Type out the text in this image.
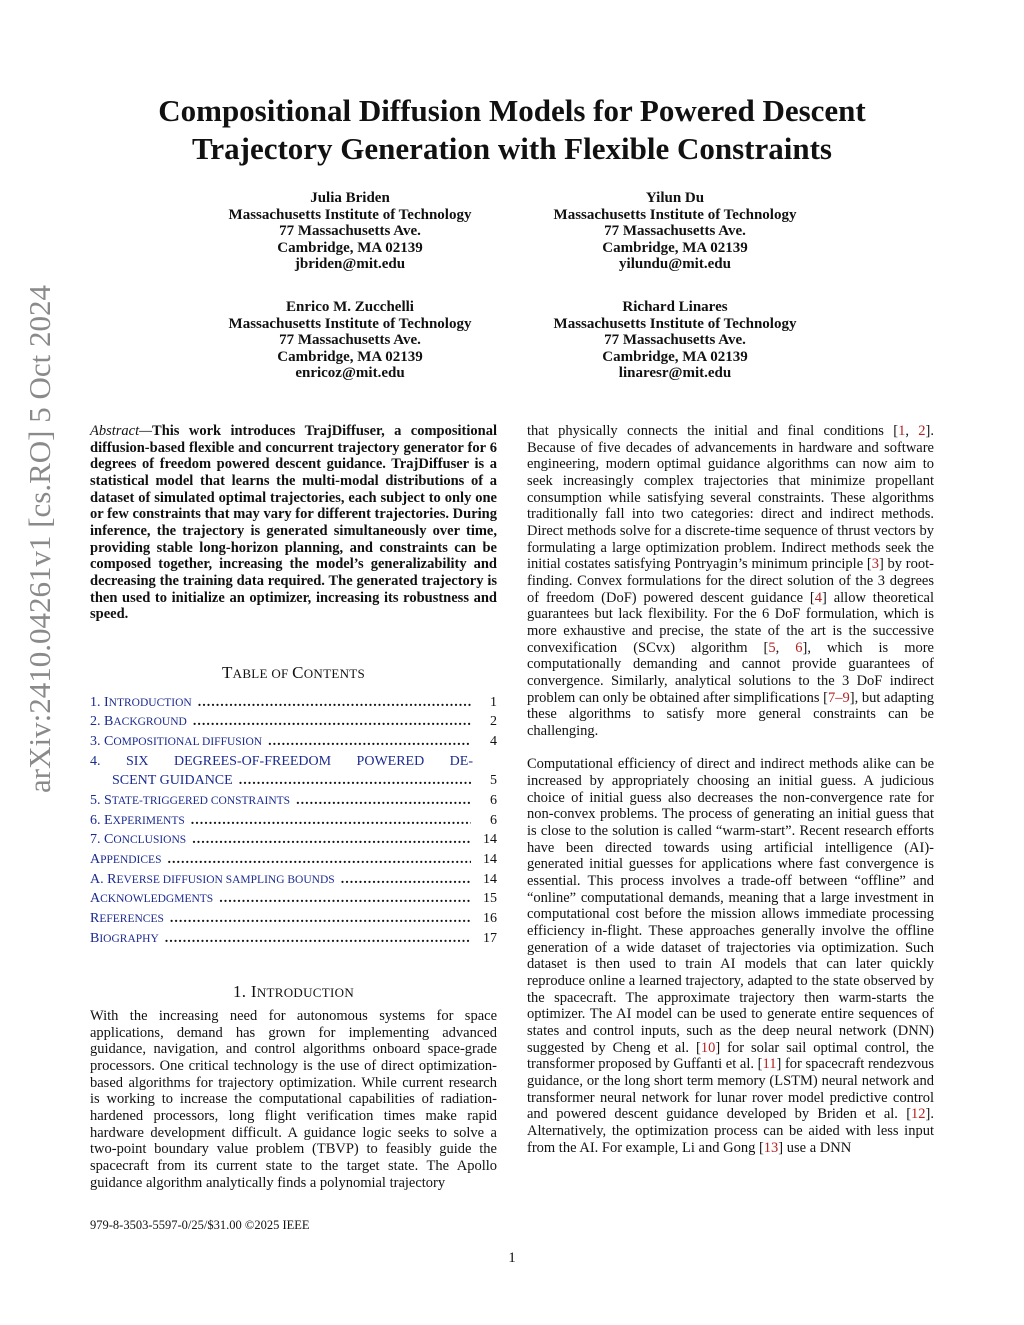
arXiv:2410.04261v1 [cs.RO] 5 Oct 2024
Compositional Diffusion Models for Powered Descent
Trajectory Generation with Flexible Constraints
Julia Briden
Massachusetts Institute of Technology
77 Massachusetts Ave.
Cambridge, MA 02139
jbriden@mit.edu
Yilun Du
Massachusetts Institute of Technology
77 Massachusetts Ave.
Cambridge, MA 02139
yilundu@mit.edu
Enrico M. Zucchelli
Massachusetts Institute of Technology
77 Massachusetts Ave.
Cambridge, MA 02139
enricoz@mit.edu
Richard Linares
Massachusetts Institute of Technology
77 Massachusetts Ave.
Cambridge, MA 02139
linaresr@mit.edu

Abstract—This work introduces TrajDiffuser, a compositional diffusion-based flexible and concurrent trajectory generator for 6 degrees of freedom powered descent guidance. TrajDiffuser is a statistical model that learns the multi-modal distributions of a dataset of simulated optimal trajectories, each subject to only one or few constraints that may vary for different trajectories. During inference, the trajectory is generated simultaneously over time, providing stable long-horizon planning, and constraints can be composed together, increasing the model’s generalizability and decreasing the training data required. The generated trajectory is then used to initialize an optimizer, increasing its robustness and speed.

TABLE OF CONTENTS
1. INTRODUCTION .....	1
2. BACKGROUND .....	2
3. COMPOSITIONAL DIFFUSION .....	4
4. SIX DEGREES-OF-FREEDOM POWERED DE-
SCENT GUIDANCE .....	5
5. STATE-TRIGGERED CONSTRAINTS .....	6
6. EXPERIMENTS .....	6
7. CONCLUSIONS .....	14
APPENDICES .....	14
A. REVERSE DIFFUSION SAMPLING BOUNDS .....	14
ACKNOWLEDGMENTS .....	15
REFERENCES .....	16
BIOGRAPHY .....	17
1. INTRODUCTION

With the increasing need for autonomous systems for space applications, demand has grown for implementing advanced guidance, navigation, and control algorithms onboard space-grade processors. One critical technology is the use of direct optimization-based algorithms for trajectory optimization. While current research is working to increase the computational capabilities of radiation-hardened processors, long flight verification times make rapid hardware development difficult. A guidance logic seeks to solve a two-point boundary value problem (TBVP) to feasibly guide the spacecraft from its current state to the target state. The Apollo guidance algorithm analytically finds a polynomial trajectory

that physically connects the initial and final conditions [1, 2]. Because of five decades of advancements in hardware and software engineering, modern optimal guidance algorithms can now aim to seek increasingly complex trajectories that minimize propellant consumption while satisfying several constraints. These algorithms traditionally fall into two categories: direct and indirect methods. Direct methods solve for a discrete-time sequence of thrust vectors by formulating a large optimization problem. Indirect methods seek the initial costates satisfying Pontryagin’s minimum principle [3] by root-finding. Convex formulations for the direct solution of the 3 degrees of freedom (DoF) powered descent guidance [4] allow theoretical guarantees but lack flexibility. For the 6 DoF formulation, which is more exhaustive and precise, the state of the art is the successive convexification (SCvx) algorithm [5, 6], which is more computationally demanding and cannot provide guarantees of convergence. Similarly, analytical solutions to the 3 DoF indirect problem can only be obtained after simplifications [7–9], but adapting these algorithms to satisfy more general constraints can be challenging.

Computational efficiency of direct and indirect methods alike can be increased by appropriately choosing an initial guess. A judicious choice of initial guess also decreases the non-convergence rate for non-convex problems. The process of generating an initial guess that is close to the solution is called “warm-start”. Recent research efforts have been directed towards using artificial intelligence (AI)-generated initial guesses for applications where fast convergence is essential. This process involves a trade-off between “offline” and “online” computational demands, meaning that a large investment in computational cost before the mission allows immediate processing efficiency in-flight. These approaches generally involve the offline generation of a wide dataset of trajectories via optimization. Such dataset is then used to train AI models that can later quickly reproduce online a learned trajectory, adapted to the state observed by the spacecraft. The approximate trajectory then warm-starts the optimizer. The AI model can be used to generate entire sequences of states and control inputs, such as the deep neural network (DNN) suggested by Cheng et al. [10] for solar sail optimal control, the transformer proposed by Guffanti et al. [11] for spacecraft rendezvous guidance, or the long short term memory (LSTM) neural network and transformer neural network for lunar rover model predictive control and powered descent guidance developed by Briden et al. [12]. Alternatively, the optimization process can be aided with less input from the AI. For example, Li and Gong [13] use a DNN

979-8-3503-5597-0/25/$31.00 ©2025 IEEE
1
